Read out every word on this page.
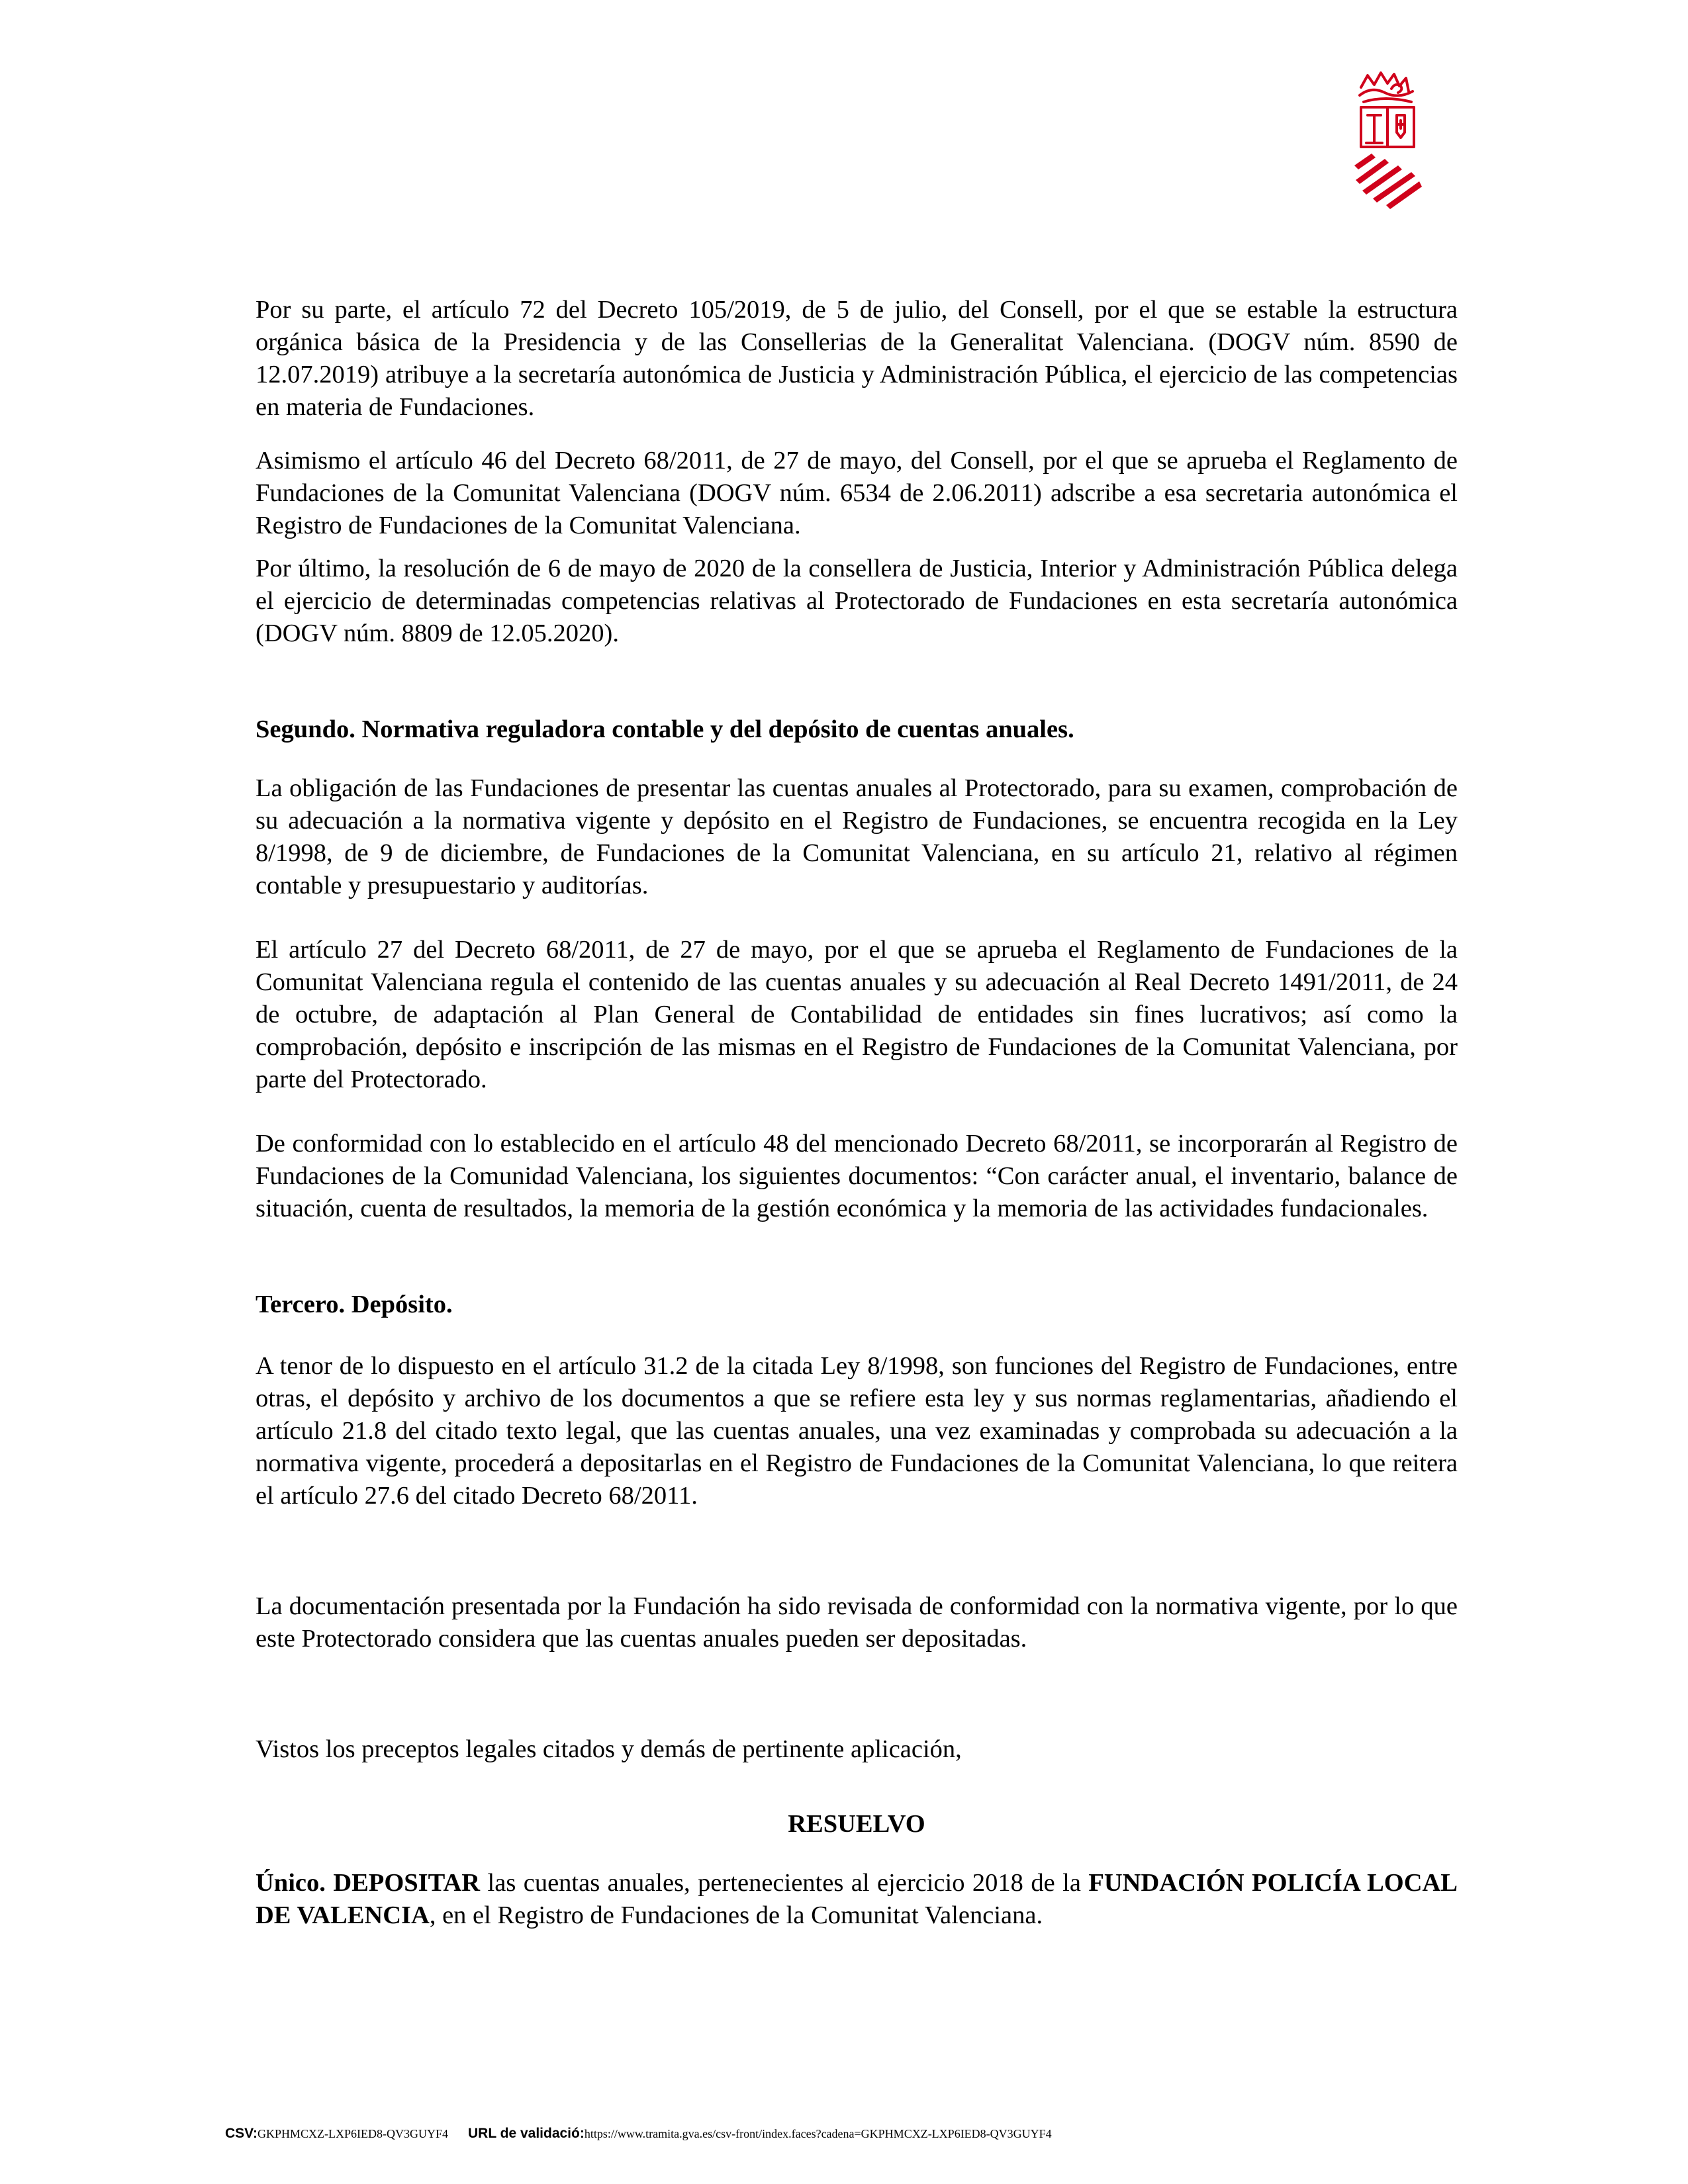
Por su parte, el artículo 72 del Decreto 105/2019, de 5 de julio, del Consell, por el que se estable la estructura orgánica básica de la Presidencia y de las Consellerias de la Generalitat Valenciana. (DOGV núm. 8590 de 12.07.2019) atribuye a la secretaría autonómica de Justicia y Administración Pública, el ejercicio de las competencias en materia de Fundaciones.

Asimismo el artículo 46 del Decreto 68/2011, de 27 de mayo, del Consell, por el que se aprueba el Reglamento de Fundaciones de la Comunitat Valenciana (DOGV núm. 6534 de 2.06.2011) adscribe a esa secretaria autonómica el Registro de Fundaciones de la Comunitat Valenciana.

Por último, la resolución de 6 de mayo de 2020 de la consellera de Justicia, Interior y Administración Pública delega el ejercicio de determinadas competencias relativas al Protectorado de Fundaciones en esta secretaría autonómica (DOGV núm. 8809 de 12.05.2020).

Segundo. Normativa reguladora contable y del depósito de cuentas anuales.

La obligación de las Fundaciones de presentar las cuentas anuales al Protectorado, para su examen, comprobación de su adecuación a la normativa vigente y depósito en el Registro de Fundaciones, se encuentra recogida en la Ley 8/1998, de 9 de diciembre, de Fundaciones de la Comunitat Valenciana, en su artículo 21, relativo al régimen contable y presupuestario y auditorías.

El artículo 27 del Decreto 68/2011, de 27 de mayo, por el que se aprueba el Reglamento de Fundaciones de la Comunitat Valenciana regula el contenido de las cuentas anuales y su adecuación al Real Decreto 1491/2011, de 24 de octubre, de adaptación al Plan General de Contabilidad de entidades sin fines lucrativos; así como la comprobación, depósito e inscripción de las mismas en el Registro de Fundaciones de la Comunitat Valenciana, por parte del Protectorado.

De conformidad con lo establecido en el artículo 48 del mencionado Decreto 68/2011, se incorporarán al Registro de Fundaciones de la Comunidad Valenciana, los siguientes documentos: “Con carácter anual, el inventario, balance de situación, cuenta de resultados, la memoria de la gestión económica y la memoria de las actividades fundacionales.

Tercero. Depósito.

A tenor de lo dispuesto en el artículo 31.2 de la citada Ley 8/1998, son funciones del Registro de Fundaciones, entre otras, el depósito y archivo de los documentos a que se refiere esta ley y sus normas reglamentarias, añadiendo el artículo 21.8 del citado texto legal, que las cuentas anuales, una vez examinadas y comprobada su adecuación a la normativa vigente, procederá a depositarlas en el Registro de Fundaciones de la Comunitat Valenciana, lo que reitera el artículo 27.6 del citado Decreto 68/2011.

La documentación presentada por la Fundación ha sido revisada de conformidad con la normativa vigente, por lo que este Protectorado considera que las cuentas anuales pueden ser depositadas.

Vistos los preceptos legales citados y demás de pertinente aplicación,

RESUELVO

Único. DEPOSITAR las cuentas anuales, pertenecientes al ejercicio 2018 de la FUNDACIÓN POLICÍA LOCAL DE VALENCIA, en el Registro de Fundaciones de la Comunitat Valenciana.

CSV:GKPHMCXZ-LXP6IED8-QV3GUYF4 URL de validació:https://www.tramita.gva.es/csv-front/index.faces?cadena=GKPHMCXZ-LXP6IED8-QV3GUYF4
